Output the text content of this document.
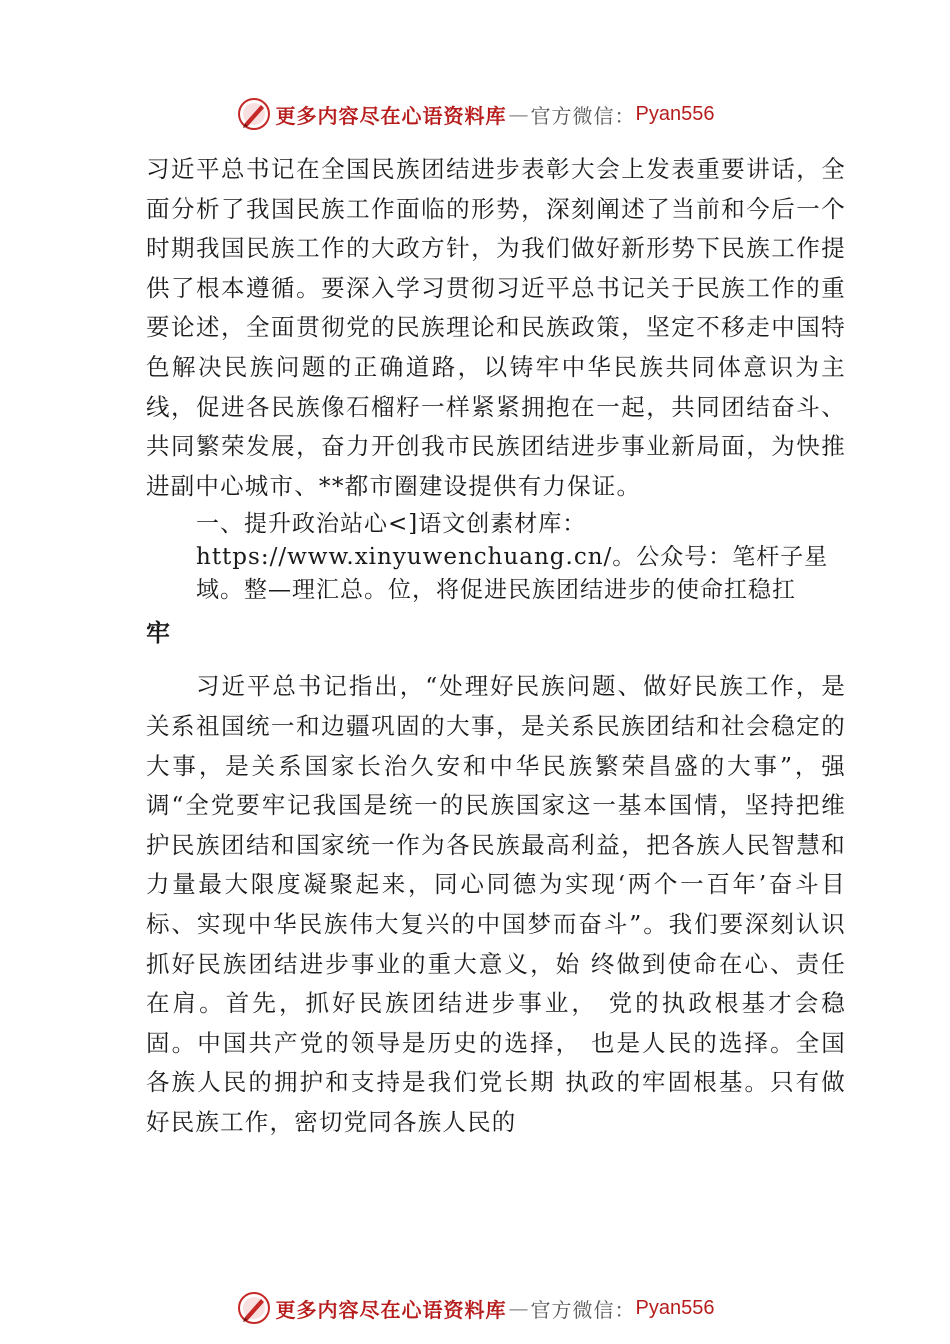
更多内容尽在心语资料库 — 官方微信： Pyan556

习近平总书记在全国民族团结进步表彰大会上发表重要讲话，全面分析了我国民族工作面临的形势，深刻阐述了当前和今后一个时期我国民族工作的大政方针，为我们做好新形势下民族工作提供了根本遵循。要深入学习贯彻习近平总书记关于民族工作的重要论述，全面贯彻党的民族理论和民族政策，坚定不移走中国特色解决民族问题的正确道路，以铸牢中华民族共同体意识为主线，促进各民族像石榴籽一样紧紧拥抱在一起，共同团结奋斗、共同繁荣发展，奋力开创我市民族团结进步事业新局面，为快推进副中心城市、**都市圈建设提供有力保证。

一、提升政治站心<]语文创素材库：https://www.xinyuwenchuang.cn/。公众号：笔杆子星域。整—理汇总。位，将促进民族团结进步的使命扛稳扛
牢

习近平总书记指出，“处理好民族问题、做好民族工作，是关系祖国统一和边疆巩固的大事，是关系民族团结和社会稳定的大事，是关系国家长治久安和中华民族繁荣昌盛的大事”，强调“全党要牢记我国是统一的民族国家这一基本国情，坚持把维护民族团结和国家统一作为各民族最高利益，把各族人民智慧和力量最大限度凝聚起来，同心同德为实现‘两个一百年’奋斗目标、实现中华民族伟大复兴的中国梦而奋斗”。我们要深刻认识抓好民族团结进步事业的重大意义，始 终做到使命在心、责任在肩。首先，抓好民族团结进步事业， 党的执政根基才会稳固。中国共产党的领导是历史的选择， 也是人民的选择。全国各族人民的拥护和支持是我们党长期 执政的牢固根基。只有做好民族工作，密切党同各族人民的

更多内容尽在心语资料库 — 官方微信： Pyan556
